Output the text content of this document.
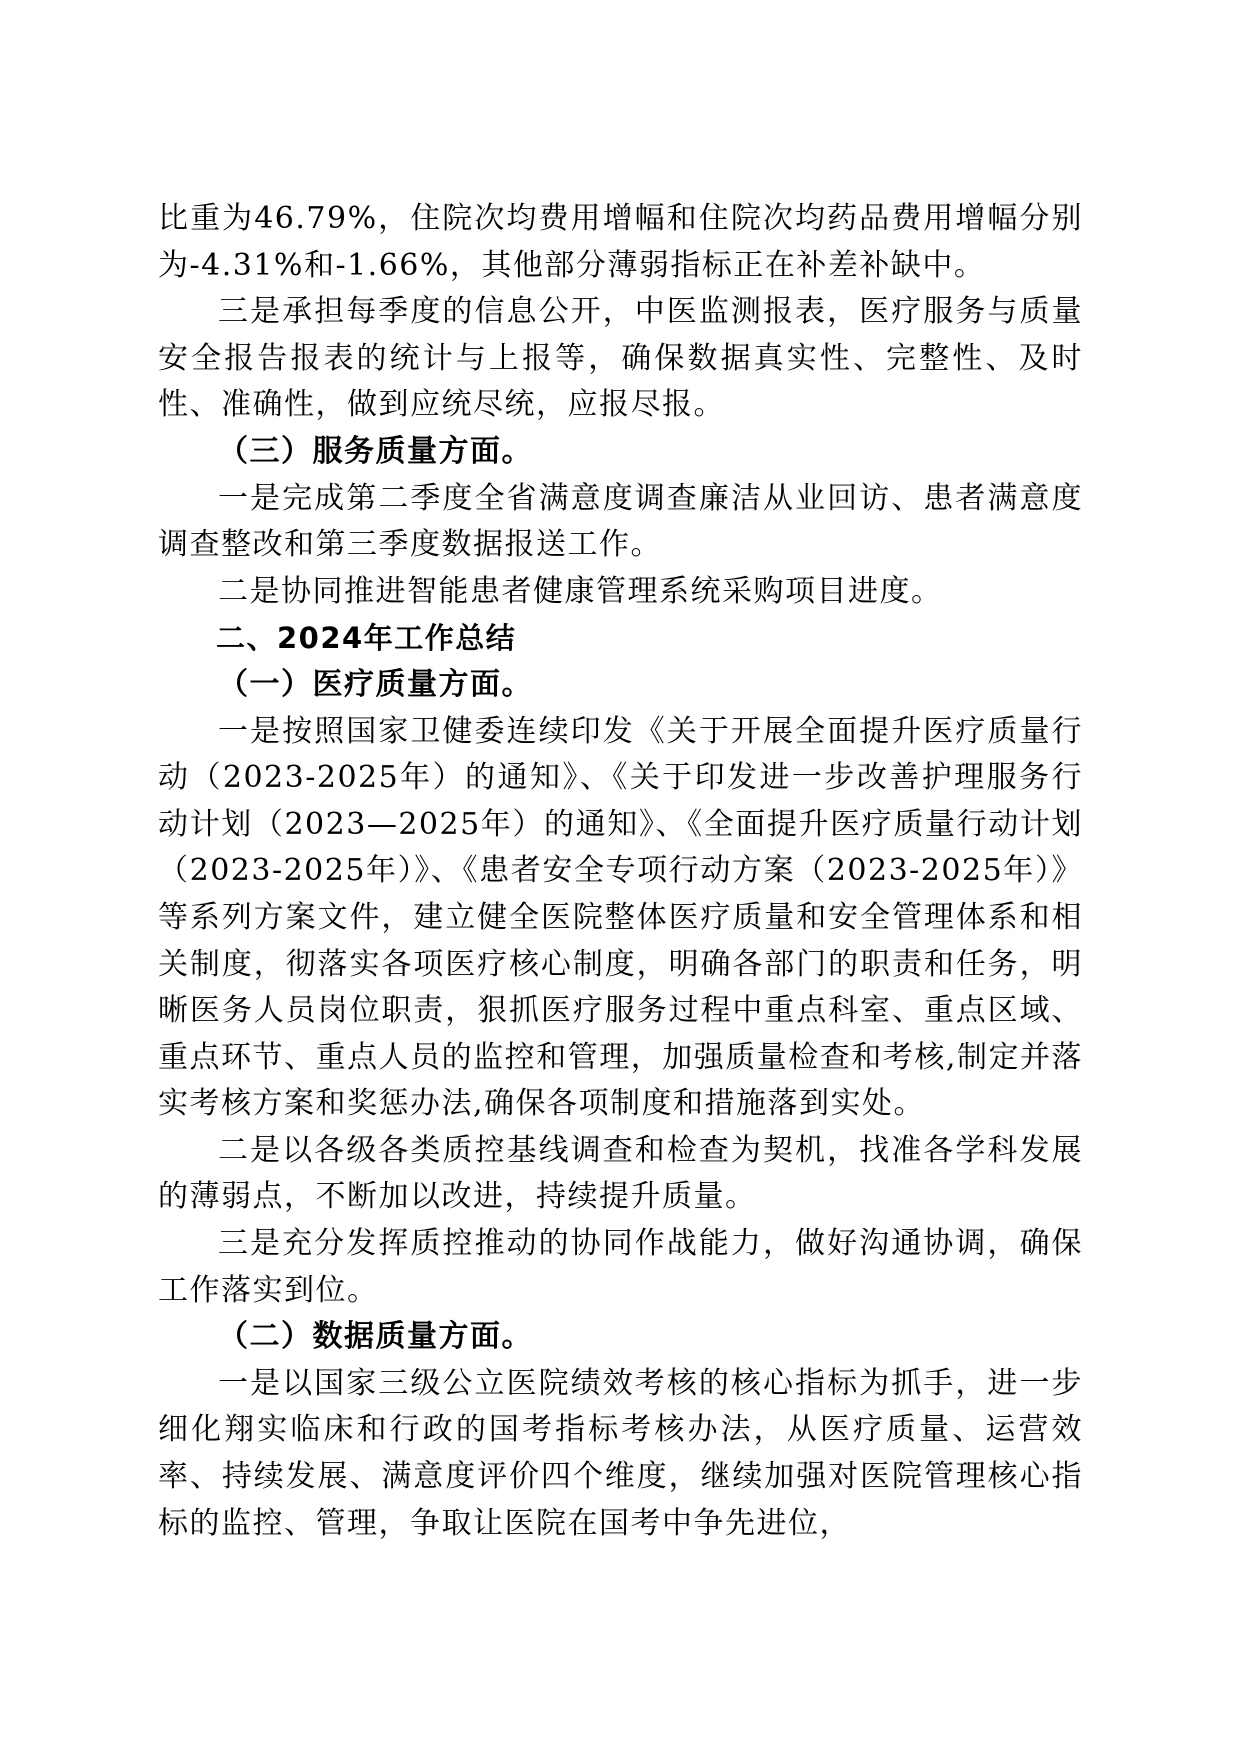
比重为46.79%，住院次均费用增幅和住院次均药品费用增幅分别为-4.31%和-1.66%，其他部分薄弱指标正在补差补缺中。

三是承担每季度的信息公开，中医监测报表，医疗服务与质量安全报告报表的统计与上报等，确保数据真实性、完整性、及时性、准确性，做到应统尽统，应报尽报。

（三）服务质量方面。

一是完成第二季度全省满意度调查廉洁从业回访、患者满意度调查整改和第三季度数据报送工作。

二是协同推进智能患者健康管理系统采购项目进度。

二、2024年工作总结

（一）医疗质量方面。

一是按照国家卫健委连续印发《关于开展全面提升医疗质量行动（2023-2025年）的通知》、《关于印发进一步改善护理服务行动计划（2023—2025年）的通知》、《全面提升医疗质量行动计划（2023-2025年）》、《患者安全专项行动方案（2023-2025年）》等系列方案文件，建立健全医院整体医疗质量和安全管理体系和相关制度，彻落实各项医疗核心制度，明确各部门的职责和任务，明晰医务人员岗位职责，狠抓医疗服务过程中重点科室、重点区域、重点环节、重点人员的监控和管理，加强质量检查和考核,制定并落实考核方案和奖惩办法,确保各项制度和措施落到实处。

二是以各级各类质控基线调查和检查为契机，找准各学科发展的薄弱点，不断加以改进，持续提升质量。

三是充分发挥质控推动的协同作战能力，做好沟通协调，确保工作落实到位。

（二）数据质量方面。

一是以国家三级公立医院绩效考核的核心指标为抓手，进一步细化翔实临床和行政的国考指标考核办法，从医疗质量、运营效率、持续发展、满意度评价四个维度，继续加强对医院管理核心指标的监控、管理，争取让医院在国考中争先进位，
